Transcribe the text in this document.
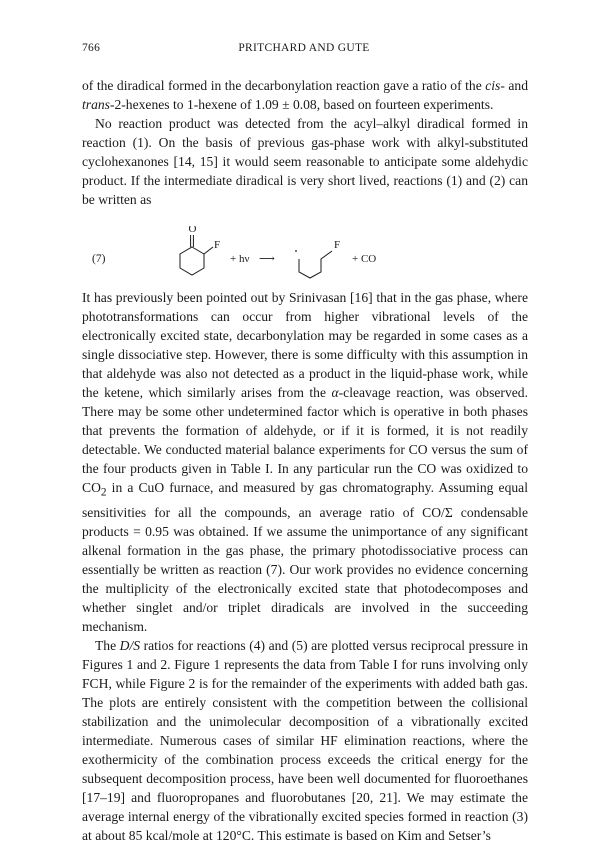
766	PRITCHARD AND GUTE

of the diradical formed in the decarbonylation reaction gave a ratio of the cis- and trans-2-hexenes to 1-hexene of 1.09 ± 0.08, based on fourteen experiments.

No reaction product was detected from the acyl–alkyl diradical formed in reaction (1). On the basis of previous gas-phase work with alkyl-substituted cyclohexanones [14, 15] it would seem reasonable to anticipate some aldehydic product. If the intermediate diradical is very short lived, reactions (1) and (2) can be written as

(7)
O
F
+ hν ⟶
F
+ CO

It has previously been pointed out by Srinivasan [16] that in the gas phase, where phototransformations can occur from higher vibrational levels of the electronically excited state, decarbonylation may be regarded in some cases as a single dissociative step. However, there is some difficulty with this assumption in that aldehyde was also not detected as a product in the liquid-phase work, while the ketene, which similarly arises from the α-cleavage reaction, was observed. There may be some other undetermined factor which is operative in both phases that prevents the formation of aldehyde, or if it is formed, it is not readily detectable. We conducted material balance experiments for CO versus the sum of the four products given in Table I. In any particular run the CO was oxidized to $CO_2$ in a CuO furnace, and measured by gas chromatography. Assuming equal sensitivities for all the compounds, an average ratio of CO/Σ condensable products = 0.95 was obtained. If we assume the unimportance of any significant alkenal formation in the gas phase, the primary photodissociative process can essentially be written as reaction (7). Our work provides no evidence concerning the multiplicity of the electronically excited state that photodecomposes and whether singlet and/or triplet diradicals are involved in the succeeding mechanism.

The D/S ratios for reactions (4) and (5) are plotted versus reciprocal pressure in Figures 1 and 2. Figure 1 represents the data from Table I for runs involving only FCH, while Figure 2 is for the remainder of the experiments with added bath gas. The plots are entirely consistent with the competition between the collisional stabilization and the unimolecular decomposition of a vibrationally excited intermediate. Numerous cases of similar HF elimination reactions, where the exothermicity of the combination process exceeds the critical energy for the subsequent decomposition process, have been well documented for fluoroethanes [17–19] and fluoropropanes and fluorobutanes [20, 21]. We may estimate the average internal energy of the vibrationally excited species formed in reaction (3) at about 85 kcal/mole at 120°C. This estimate is based on Kim and Setser’s
